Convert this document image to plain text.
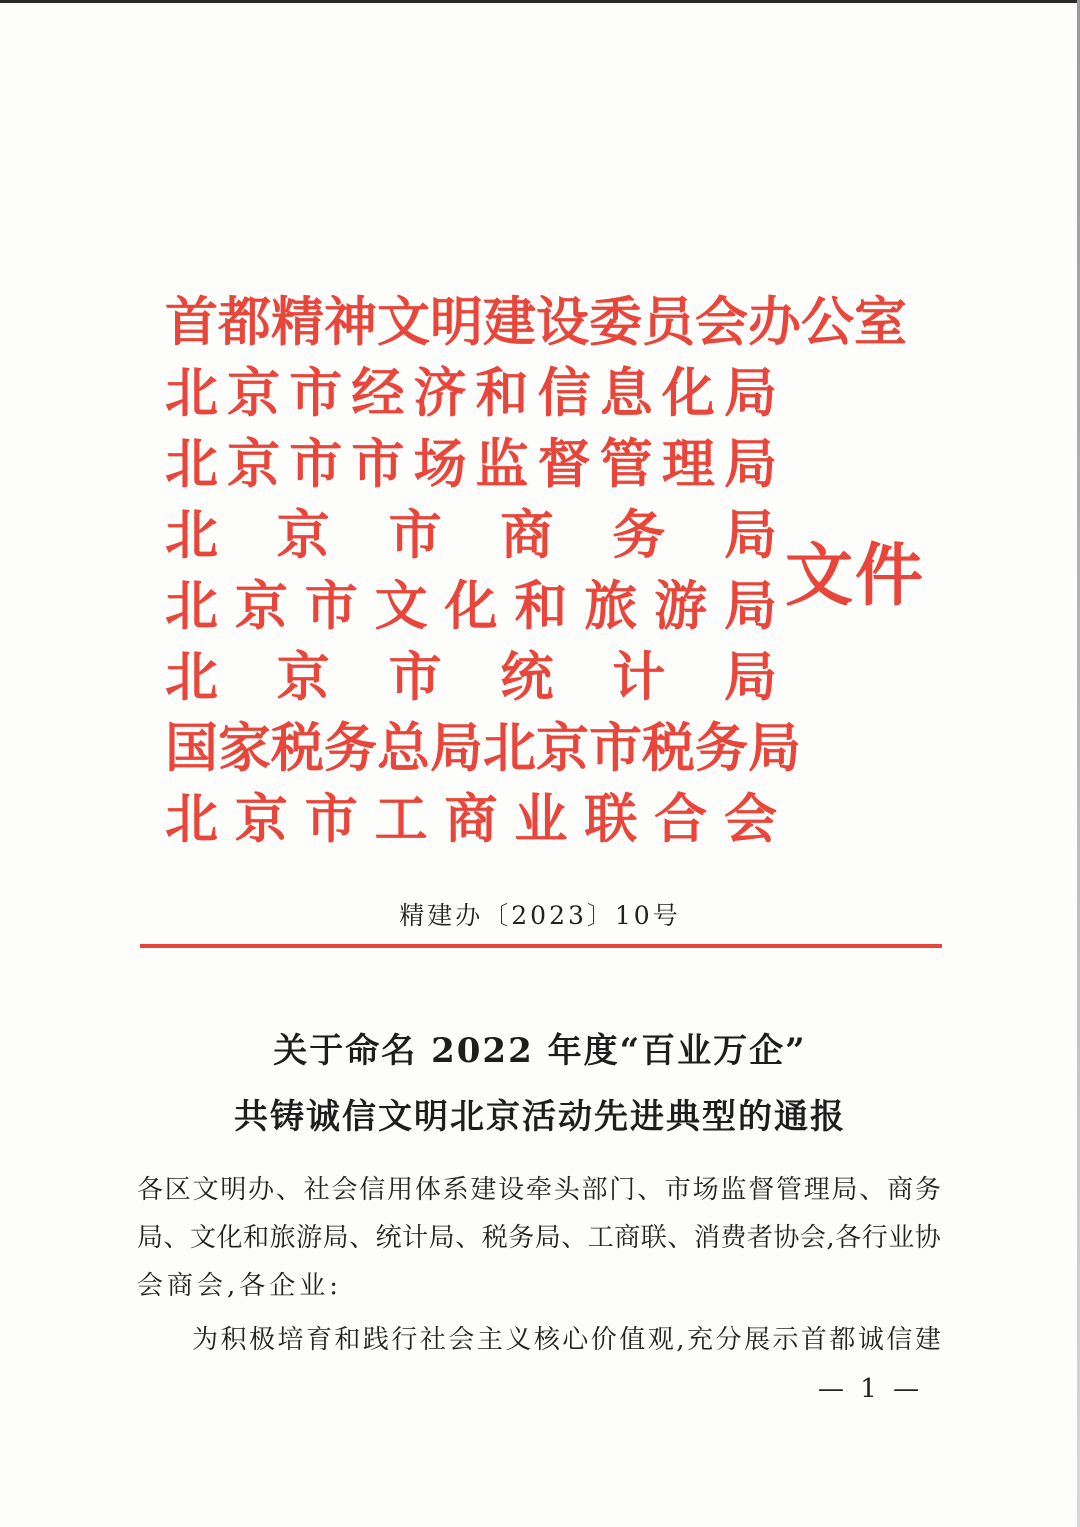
首 都 精 神 文 明 建 设 委 员 会 办 公 室
北 京 市 经 济 和 信 息 化 局
北 京 市 市 场 监 督 管 理 局
北 京 市 商 务 局
北 京 市 文 化 和 旅 游 局
北 京 市 统 计 局
国 家 税 务 总 局 北 京 市 税 务 局
北 京 市 工 商 业 联 合 会
文件
精建办〔2023〕10号
关于命名 2022 年度“百业万企”
共铸诚信文明北京活动先进典型的通报
各 区 文 明 办 、 社 会 信 用 体 系 建 设 牵 头 部 门 、 市 场 监 督 管 理 局 、 商 务
局 、 文 化 和 旅 游 局 、 统 计 局 、 税 务 局 、 工 商 联 、 消 费 者 协 会 , 各 行 业 协
会商会,各企业:
为 积 极 培 育 和 践 行 社 会 主 义 核 心 价 值 观 , 充 分 展 示 首 都 诚 信 建
— 1 —
